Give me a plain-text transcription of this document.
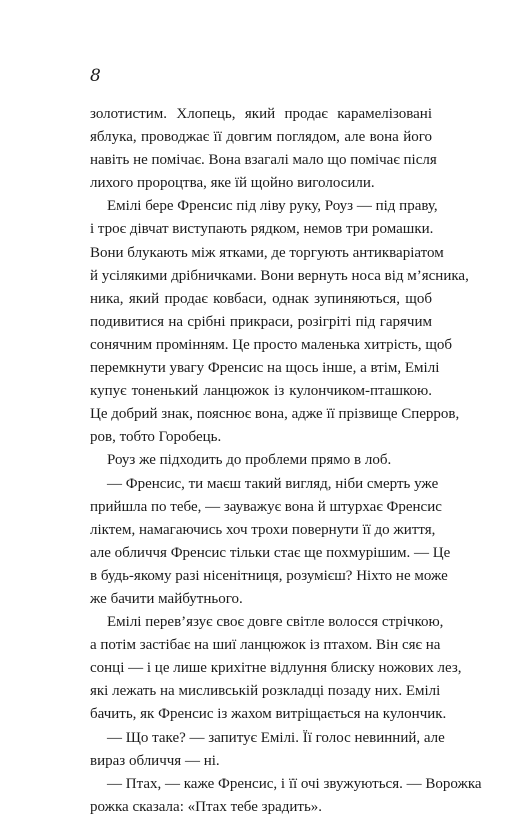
8
золотистим. Хлопець, який продає карамелізовані
яблука, проводжає її довгим поглядом, але вона його
навіть не помічає. Вона взагалі мало що помічає після
лихого пророцтва, яке їй щойно виголосили.
Емілі бере Френсис під ліву руку, Роуз — під праву,
і троє дівчат виступають рядком, немов три ромашки.
Вони блукають між ятками, де торгують антикваріатом
й усілякими дрібничками. Вони вернуть носа від м’ясника,
ника, який продає ковбаси, однак зупиняються, щоб
подивитися на срібні прикраси, розігріті під гарячим
сонячним промінням. Це просто маленька хитрість, щоб
перемкнути увагу Френсис на щось інше, а втім, Емілі
купує тоненький ланцюжок із кулончиком-пташкою.
Це добрий знак, пояснює вона, адже її прізвище Сперров,
ров, тобто Горобець.
Роуз же підходить до проблеми прямо в лоб.
— Френсис, ти маєш такий вигляд, ніби смерть уже
прийшла по тебе, — зауважує вона й штурхає Френсис
ліктем, намагаючись хоч трохи повернути її до життя,
але обличчя Френсис тільки стає ще похмурішим. — Це
в будь-якому разі нісенітниця, розумієш? Ніхто не може
же бачити майбутнього.
Емілі перев’язує своє довге світле волосся стрічкою,
а потім застібає на шиї ланцюжок із птахом. Він сяє на
сонці — і це лише крихітне відлуння блиску ножових лез,
які лежать на мисливській розкладці позаду них. Емілі
бачить, як Френсис із жахом витріщається на кулончик.
— Що таке? — запитує Емілі. Її голос невинний, але
вираз обличчя — ні.
— Птах, — каже Френсис, і її очі звужуються. — Ворожка
рожка сказала: «Птах тебе зрадить».
